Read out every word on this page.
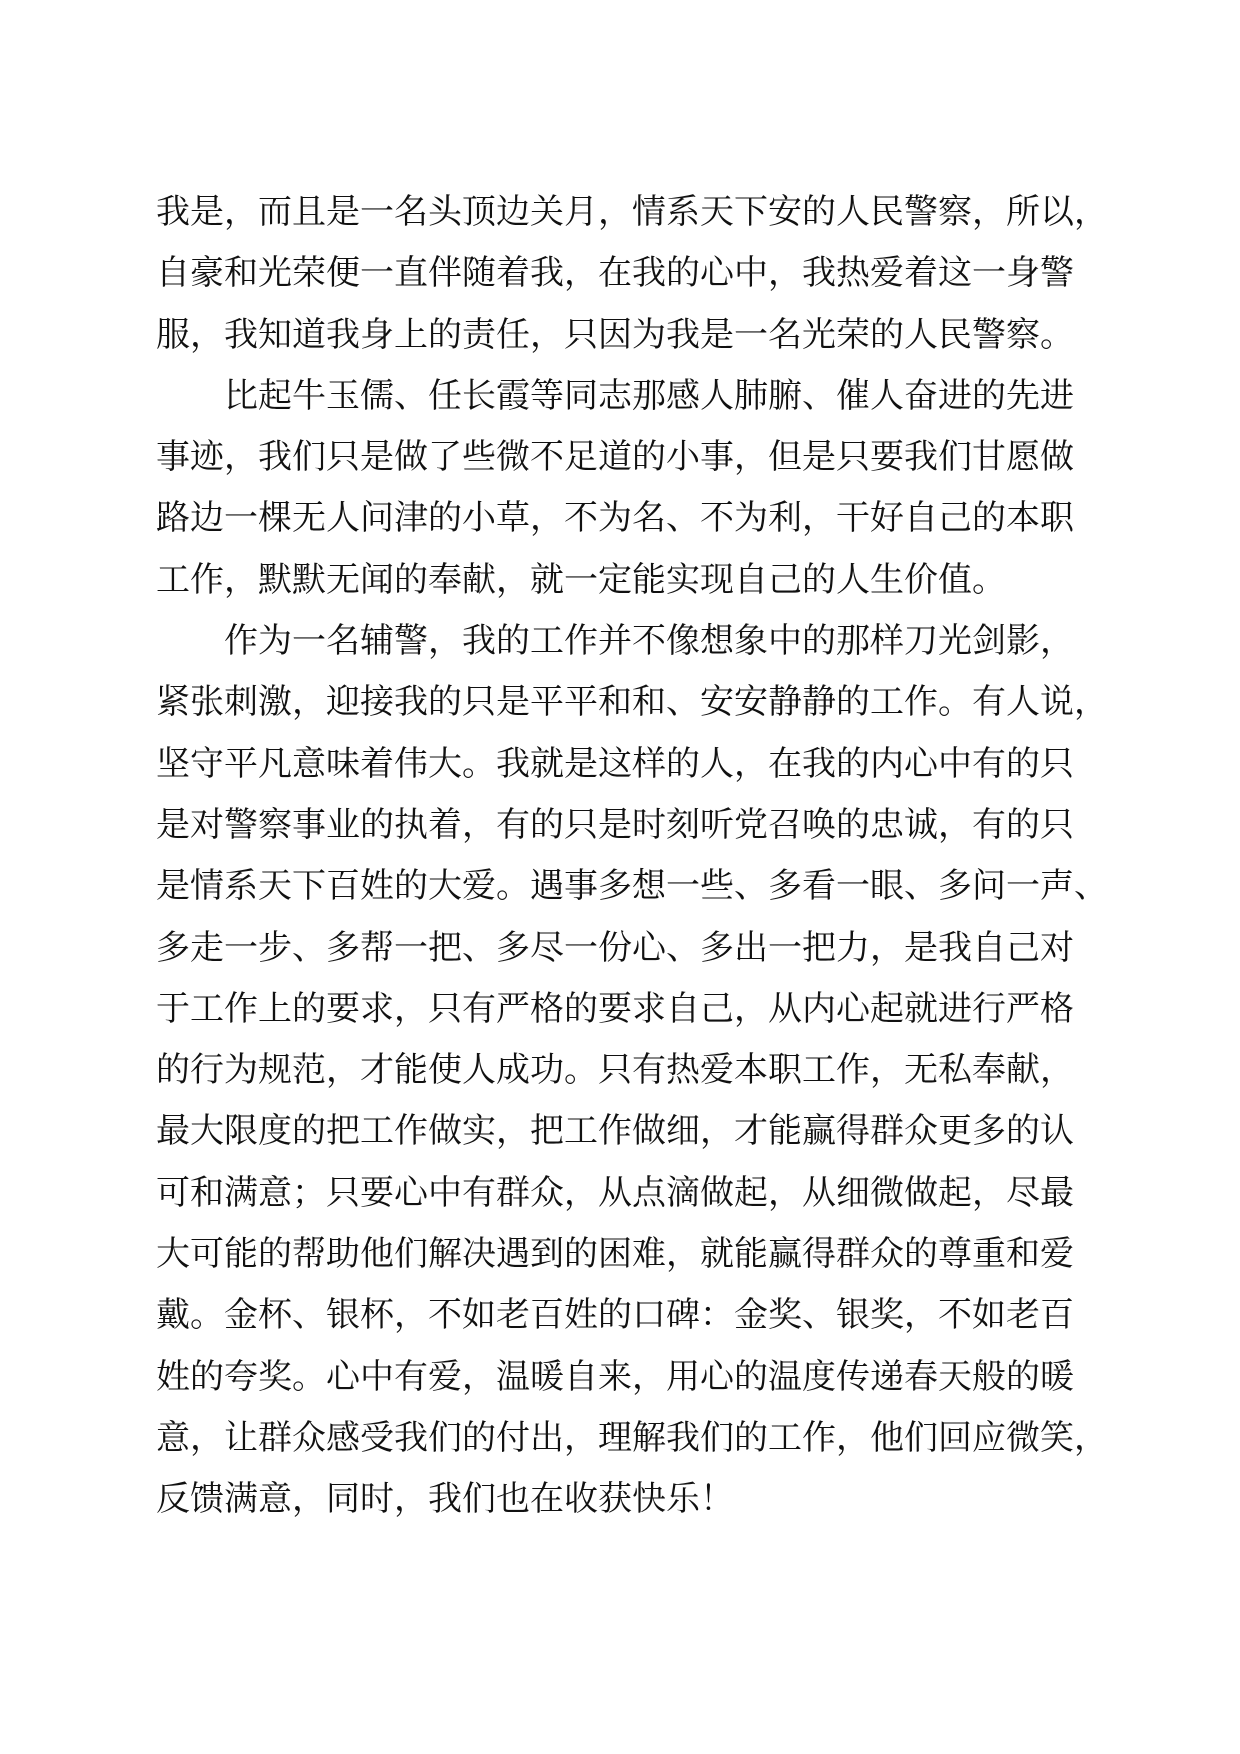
我是，而且是一名头顶边关月，情系天下安的人民警察，所以，
自豪和光荣便一直伴随着我，在我的心中，我热爱着这一身警
服，我知道我身上的责任，只因为我是一名光荣的人民警察。
　　比起牛玉儒、任长霞等同志那感人肺腑、催人奋进的先进
事迹，我们只是做了些微不足道的小事，但是只要我们甘愿做
路边一棵无人问津的小草，不为名、不为利，干好自己的本职
工作，默默无闻的奉献，就一定能实现自己的人生价值。
　　作为一名辅警，我的工作并不像想象中的那样刀光剑影，
紧张刺激，迎接我的只是平平和和、安安静静的工作。有人说，
坚守平凡意味着伟大。我就是这样的人，在我的内心中有的只
是对警察事业的执着，有的只是时刻听党召唤的忠诚，有的只
是情系天下百姓的大爱。遇事多想一些、多看一眼、多问一声、
多走一步、多帮一把、多尽一份心、多出一把力，是我自己对
于工作上的要求，只有严格的要求自己，从内心起就进行严格
的行为规范，才能使人成功。只有热爱本职工作，无私奉献，
最大限度的把工作做实，把工作做细，才能赢得群众更多的认
可和满意；只要心中有群众，从点滴做起，从细微做起，尽最
大可能的帮助他们解决遇到的困难，就能赢得群众的尊重和爱
戴。金杯、银杯，不如老百姓的口碑：金奖、银奖，不如老百
姓的夸奖。心中有爱，温暖自来，用心的温度传递春天般的暖
意，让群众感受我们的付出，理解我们的工作，他们回应微笑，
反馈满意，同时，我们也在收获快乐！
